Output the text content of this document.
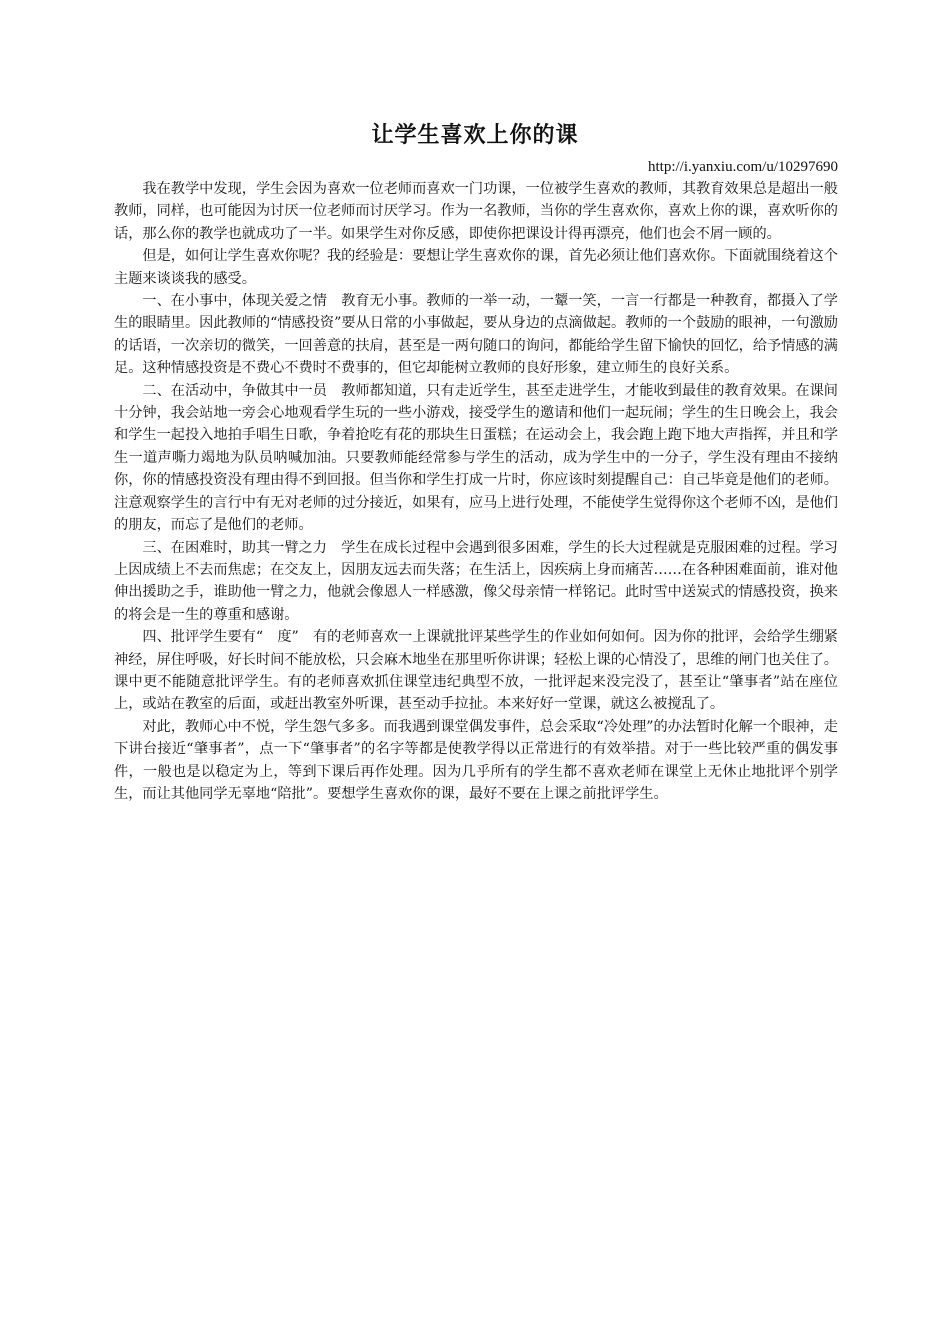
让学生喜欢上你的课
http://i.yanxiu.com/u/10297690

我在教学中发现，学生会因为喜欢一位老师而喜欢一门功课，一位被学生喜欢的教师，其教育效果总是超出一般教师，同样，也可能因为讨厌一位老师而讨厌学习。作为一名教师，当你的学生喜欢你，喜欢上你的课，喜欢听你的话，那么你的教学也就成功了一半。如果学生对你反感，即使你把课设计得再漂亮，他们也会不屑一顾的。

但是，如何让学生喜欢你呢？我的经验是：要想让学生喜欢你的课，首先必须让他们喜欢你。下面就围绕着这个主题来谈谈我的感受。

一、在小事中，体现关爱之情　教育无小事。教师的一举一动，一颦一笑，一言一行都是一种教育，都摄入了学生的眼睛里。因此教师的“情感投资”要从日常的小事做起，要从身边的点滴做起。教师的一个鼓励的眼神，一句激励的话语，一次亲切的微笑，一回善意的扶肩，甚至是一两句随口的询问，都能给学生留下愉快的回忆，给予情感的满足。这种情感投资是不费心不费时不费事的，但它却能树立教师的良好形象，建立师生的良好关系。

二、在活动中，争做其中一员　教师都知道，只有走近学生，甚至走进学生，才能收到最佳的教育效果。在课间十分钟，我会站地一旁会心地观看学生玩的一些小游戏，接受学生的邀请和他们一起玩闹；学生的生日晚会上，我会和学生一起投入地拍手唱生日歌，争着抢吃有花的那块生日蛋糕；在运动会上，我会跑上跑下地大声指挥，并且和学生一道声嘶力竭地为队员呐喊加油。只要教师能经常参与学生的活动，成为学生中的一分子，学生没有理由不接纳你，你的情感投资没有理由得不到回报。但当你和学生打成一片时，你应该时刻提醒自己：自己毕竟是他们的老师。注意观察学生的言行中有无对老师的过分接近，如果有，应马上进行处理，不能使学生觉得你这个老师不凶，是他们的朋友，而忘了是他们的老师。

三、在困难时，助其一臂之力　学生在成长过程中会遇到很多困难，学生的长大过程就是克服困难的过程。学习上因成绩上不去而焦虑；在交友上，因朋友远去而失落；在生活上，因疾病上身而痛苦……在各种困难面前，谁对他伸出援助之手，谁助他一臂之力，他就会像恩人一样感激，像父母亲情一样铭记。此时雪中送炭式的情感投资，换来的将会是一生的尊重和感谢。

四、批评学生要有“　度”　有的老师喜欢一上课就批评某些学生的作业如何如何。因为你的批评，会给学生绷紧神经，屏住呼吸，好长时间不能放松，只会麻木地坐在那里听你讲课；轻松上课的心情没了，思维的闸门也关住了。课中更不能随意批评学生。有的老师喜欢抓住课堂违纪典型不放，一批评起来没完没了，甚至让“肇事者”站在座位上，或站在教室的后面，或赶出教室外听课，甚至动手拉扯。本来好好一堂课，就这么被搅乱了。

对此，教师心中不悦，学生怨气多多。而我遇到课堂偶发事件，总会采取“冷处理”的办法暂时化解一个眼神，走下讲台接近“肇事者”，点一下“肇事者”的名字等都是使教学得以正常进行的有效举措。对于一些比较严重的偶发事件，一般也是以稳定为上，等到下课后再作处理。因为几乎所有的学生都不喜欢老师在课堂上无休止地批评个别学生，而让其他同学无辜地“陪批”。要想学生喜欢你的课，最好不要在上课之前批评学生。
